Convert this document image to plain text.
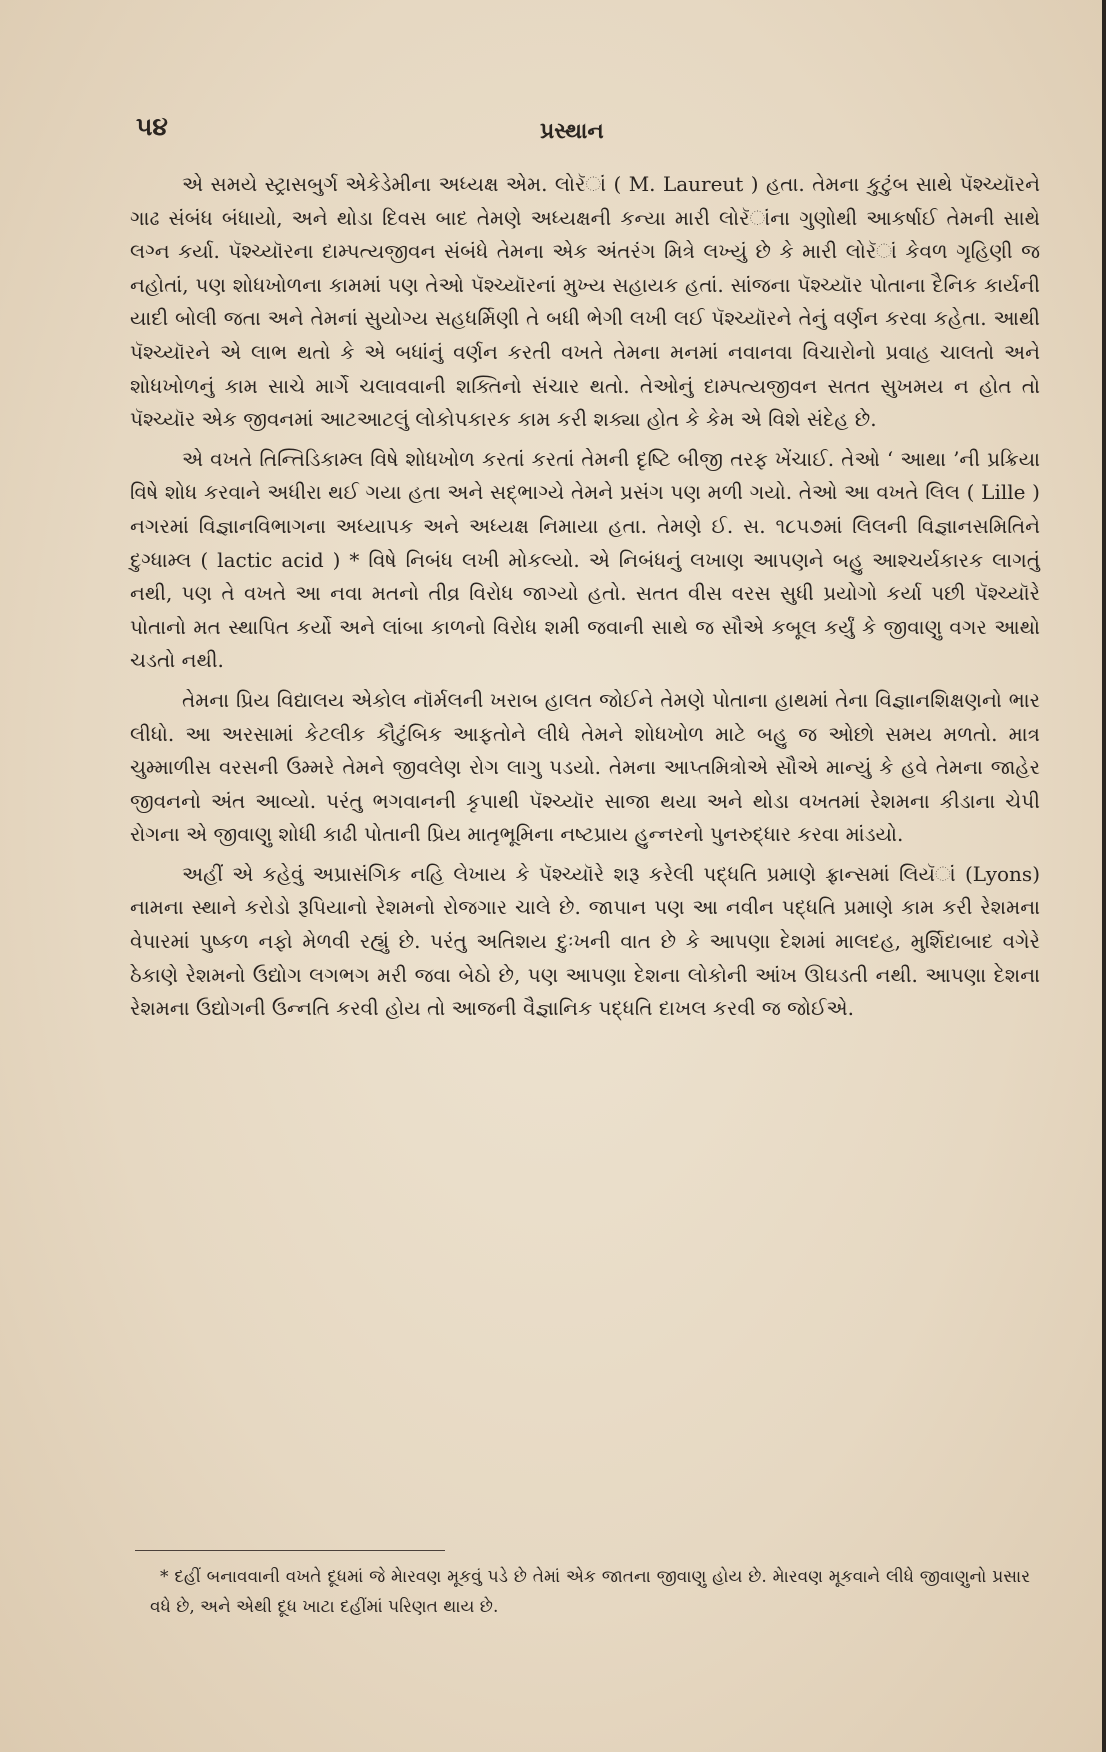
૫૪	પ્રસ્થાન

એ સમયે સ્ટ્રાસબુર્ગ એકેડેમીના અધ્યક્ષ એમ. લોરૅાં ( M. Laureut ) હતા. તેમના કુટુંબ સાથે પૅશ્ચ્યૉરને ગાઢ સંબંધ બંધાયો, અને થોડા દિવસ બાદ તેમણે અધ્યક્ષની કન્યા મારી લોરૅાંના ગુણોથી આકર્ષાઈ તેમની સાથે લગ્ન કર્યા. પૅશ્ચ્યૉરના દામ્પત્યજીવન સંબંધે તેમના એક અંતરંગ મિત્રે લખ્યું છે કે મારી લોરૅાં કેવળ ગૃહિણી જ નહોતાં, પણ શોધખોળના કામમાં પણ તેઓ પૅશ્ચ્યૉરનાં મુખ્ય સહાયક હતાં. સાંજના પૅશ્ચ્યૉર પોતાના દૈનિક કાર્યની યાદી બોલી જતા અને તેમનાં સુયોગ્ય સહધર્મિણી તે બધી ભેગી લખી લઈ પૅશ્ચ્યૉરને તેનું વર્ણન કરવા કહેતા. આથી પૅશ્ચ્યૉરને એ લાભ થતો કે એ બધાંનું વર્ણન કરતી વખતે તેમના મનમાં નવાનવા વિચારોનો પ્રવાહ ચાલતો અને શોધખોળનું કામ સાચે માર્ગે ચલાવવાની શક્તિનો સંચાર થતો. તેઓનું દામ્પત્યજીવન સતત સુખમય ન હોત તો પૅશ્ચ્યૉર એક જીવનમાં આટઆટલું લોકોપકારક કામ કરી શક્યા હોત કે કેમ એ વિશે સંદેહ છે.

એ વખતે તિન્તિડિકામ્લ વિષે શોધખોળ કરતાં કરતાં તેમની દૃષ્ટિ બીજી તરફ ખેંચાઈ. તેઓ ‘ આથા ’ની પ્રક્રિયા વિષે શોધ કરવાને અધીરા થઈ ગયા હતા અને સદ્ભાગ્યે તેમને પ્રસંગ પણ મળી ગયો. તેઓ આ વખતે લિલ ( Lille ) નગરમાં વિજ્ઞાનવિભાગના અધ્યાપક અને અધ્યક્ષ નિમાયા હતા. તેમણે ઈ. સ. ૧૮૫૭માં લિલની વિજ્ઞાનસમિતિને દુગ્ધામ્લ ( lactic acid ) * વિષે નિબંધ લખી મોકલ્યો. એ નિબંધનું લખાણ આપણને બહુ આશ્ચર્યકારક લાગતું નથી, પણ તે વખતે આ નવા મતનો તીવ્ર વિરોધ જાગ્યો હતો. સતત વીસ વરસ સુધી પ્રયોગો કર્યા પછી પૅશ્ચ્યૉરે પોતાનો મત સ્થાપિત કર્યો અને લાંબા કાળનો વિરોધ શમી જવાની સાથે જ સૌએ કબૂલ કર્યું કે જીવાણુ વગર આથો ચડતો નથી.

તેમના પ્રિય વિદ્યાલય એકોલ નૉર્મલની ખરાબ હાલત જોઈને તેમણે પોતાના હાથમાં તેના વિજ્ઞાનશિક્ષણનો ભાર લીધો. આ અરસામાં કેટલીક કૌટુંબિક આફતોને લીધે તેમને શોધખોળ માટે બહુ જ ઓછો સમય મળતો. માત્ર ચુમ્માળીસ વરસની ઉમ્મરે તેમને જીવલેણ રોગ લાગુ પડયો. તેમના આપ્તમિત્રોએ સૌએ માન્યું કે હવે તેમના જાહેર જીવનનો અંત આવ્યો. પરંતુ ભગવાનની કૃપાથી પૅશ્ચ્યૉર સાજા થયા અને થોડા વખતમાં રેશમના કીડાના ચેપી રોગના એ જીવાણુ શોધી કાઢી પોતાની પ્રિય માતૃભૂમિના નષ્ટપ્રાય હુન્નરનો પુનરુદ્ધાર કરવા માંડયો.

અહીં એ કહેવું અપ્રાસંગિક નહિ લેખાય કે પૅશ્ચ્યૉરે શરૂ કરેલી પદ્ધતિ પ્રમાણે ફ્રાન્સમાં લિયૅાં (Lyons) નામના સ્થાને કરોડો રૂપિયાનો રેશમનો રોજગાર ચાલે છે. જાપાન પણ આ નવીન પદ્ધતિ પ્રમાણે કામ કરી રેશમના વેપારમાં પુષ્કળ નફો મેળવી રહ્યું છે. પરંતુ અતિશય દુઃખની વાત છે કે આપણા દેશમાં માલદહ, મુર્શિદાબાદ વગેરે ઠેકાણે રેશમનો ઉદ્યોગ લગભગ મરી જવા બેઠો છે, પણ આપણા દેશના લોકોની આંખ ઊઘડતી નથી. આપણા દેશના રેશમના ઉદ્યોગની ઉન્નતિ કરવી હોય તો આજની વૈજ્ઞાનિક પદ્ધતિ દાખલ કરવી જ જોઈએ.

* દહીં બનાવવાની વખતે દૂધમાં જે મેારવણ મૂકવું પડે છે તેમાં એક જાતના જીવાણુ હોય છે. મેારવણ મૂકવાને લીધે જીવાણુનો પ્રસાર વધે છે, અને એથી દૂધ ખાટા દહીંમાં પરિણત થાય છે.
